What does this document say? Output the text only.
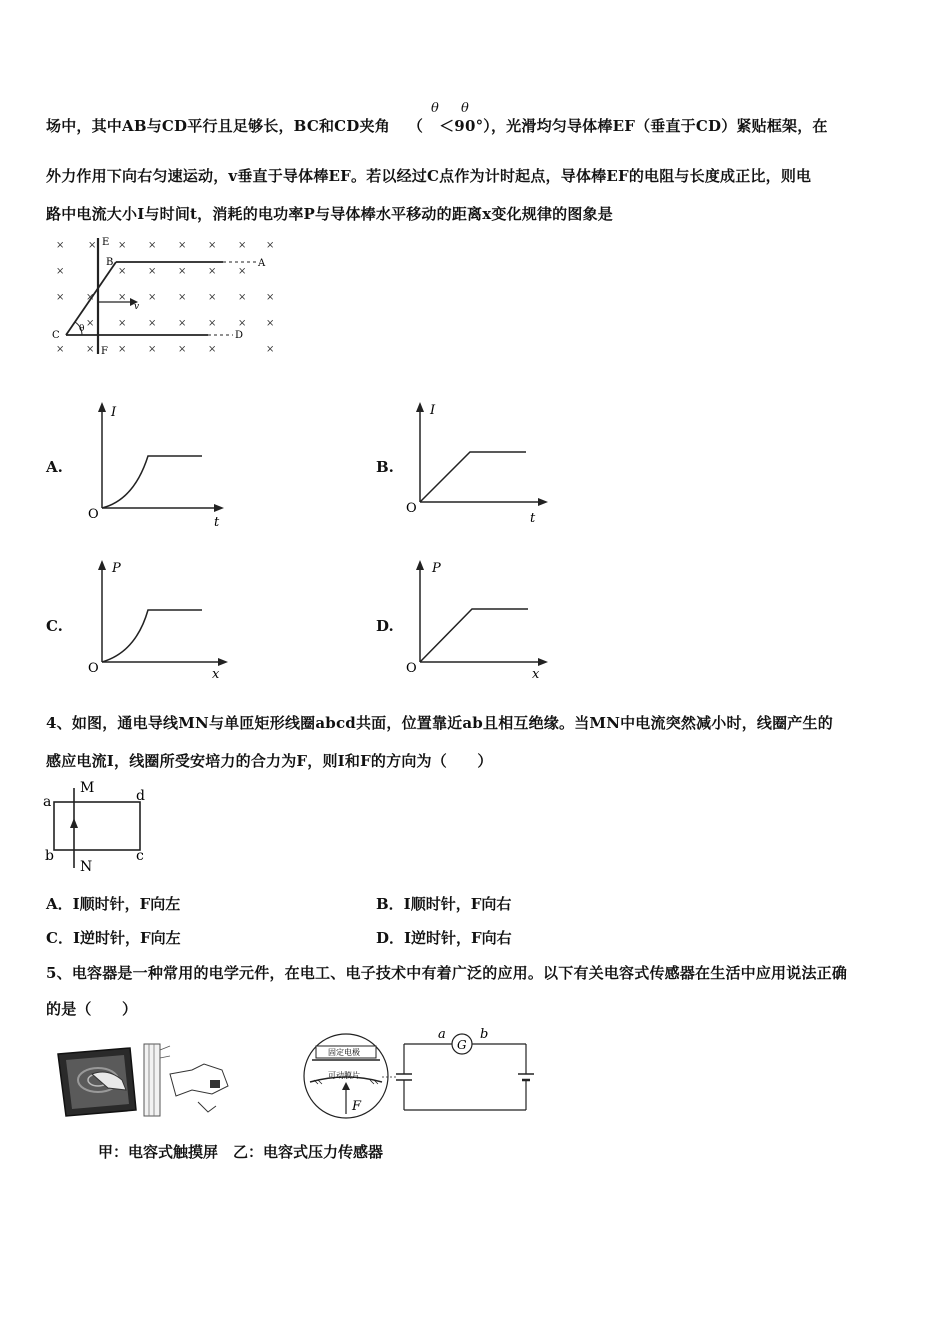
场中，其中AB与CD平行且足够长，BC和CD夹角 （ ＜90°），光滑均匀导体棒EF（垂直于CD）紧贴框架，在
θ θ
外力作用下向右匀速运动，v垂直于导体棒EF。若以经过C点作为计时起点，导体棒EF的电阻与长度成正比，则电
路中电流大小I与时间t，消耗的电功率P与导体棒水平移动的距离x变化规律的图象是
× × × × × × × ×
×	× × × × ×
× × × × × × × ×
× × × × × × ×
× × × × × ×	×
E
B	A
v
C
θ
F
D
A.
I
t
O
B.
I
t
O
C.
P
x
O
D.
P
x
O
4、如图，通电导线MN与单匝矩形线圈abcd共面，位置靠近ab且相互绝缘。当MN中电流突然减小时，线圈产生的
感应电流I，线圈所受安培力的合力为F，则I和F的方向为（　　）
M
N
a
b	c
d
A．I顺时针，F向左	B．I顺时针，F向右
C．I逆时针，F向左	D．I逆时针，F向右
5、电容器是一种常用的电学元件，在电工、电子技术中有着广泛的应用。以下有关电容式传感器在生活中应用说法正确
的是（　　）
固定电极
可动膜片
F
G
a	b
甲：电容式触摸屏　乙：电容式压力传感器
